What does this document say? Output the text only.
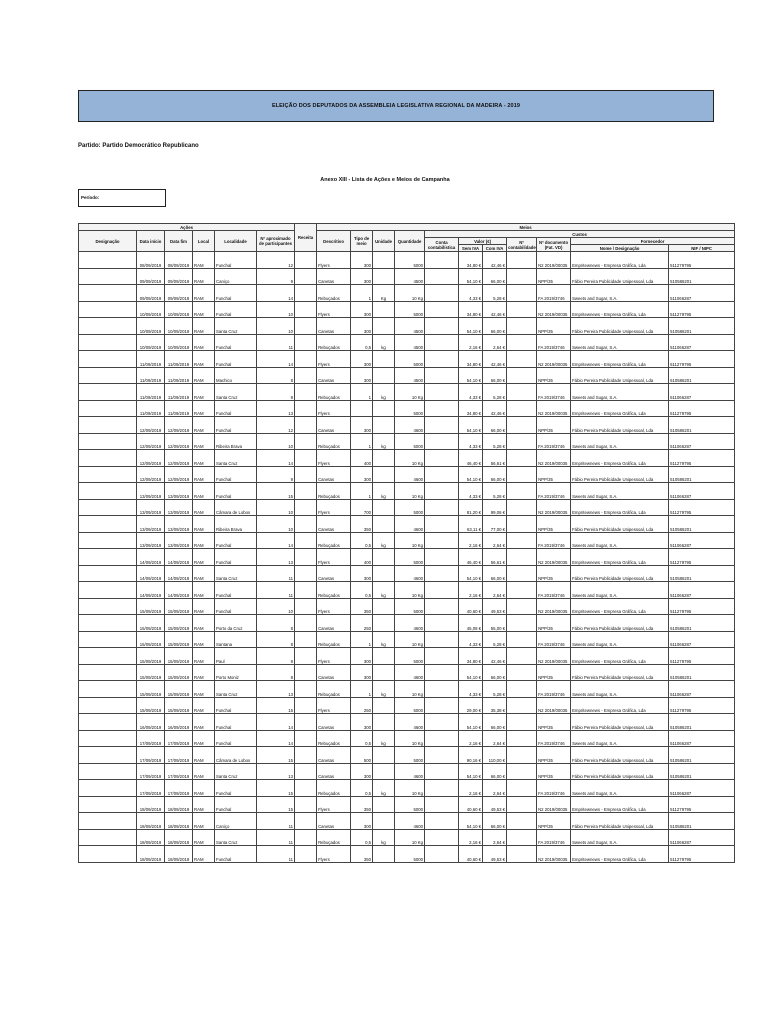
ELEIÇÃO DOS DEPUTADOS DA ASSEMBLEIA LEGISLATIVA REGIONAL DA MADEIRA - 2019
Partido: Partido Democrático Republicano
Anexo XIII - Lista de Ações e Meios de Campanha
Período:
Ações						Receita	Meios										
Designação	Data início	Data fim	Local	Localidade	Nº aproximado de participantes		Descritivo	Tipo de meio	Unidade	Quantidade	Custos						
											Conta contabilística	Valor (€)		Nº contabilidade	Nº documento (Fat. VD)	Fornecedor	
												Sem IVA	Com IVA			Nome / Designação	NIF / NIPC
	08/09/2019	08/09/2019	RAM	Funchal	12		Flyers	300		5000		34,80 €	42,46 €		N2 2019/00035	Empritewnews - Empresa Gráfica, Lda	511279795
	09/09/2019	09/09/2019	RAM	Caniço	9		Canetas	300		4500		54,10 €	66,00 €		NPP/35	Fábio Pereira Publicidade Unipessoal, Lda	510586201
	09/09/2019	09/09/2019	RAM	Funchal	14		Rebuçados	1	Kg	10 Kg		4,33 €	5,28 €		FA 2019/3746	Sweets and Sugar, S.A.	511066287
	10/09/2019	10/09/2019	RAM	Funchal	10		Flyers	300		5000		34,80 €	42,46 €		N2 2019/00035	Empritewnews - Empresa Gráfica, Lda	511279795
	10/09/2019	10/09/2019	RAM	Santa Cruz	10		Canetas	300		4500		54,10 €	66,00 €		NPP/35	Fábio Pereira Publicidade Unipessoal, Lda	510586201
	10/09/2019	10/09/2019	RAM	Funchal	11		Rebuçados	0,5	kg	4500		2,16 €	2,64 €		FA 2019/3746	Sweets and Sugar, S.A.	511066287
	11/09/2019	11/09/2019	RAM	Funchal	14		Flyers	300		5000		34,80 €	42,46 €		N2 2019/00035	Empritewnews - Empresa Gráfica, Lda	511279795
	11/09/2019	11/09/2019	RAM	Machico	8		Canetas	300		4500		54,10 €	66,00 €		NPP/35	Fábio Pereira Publicidade Unipessoal, Lda	510586201
	11/09/2019	11/09/2019	RAM	Santa Cruz	9		Rebuçados	1	kg	10 Kg		4,33 €	5,28 €		FA 2019/3746	Sweets and Sugar, S.A.	511066287
	11/09/2019	11/09/2019	RAM	Funchal	13		Flyers			5000		34,80 €	42,46 €		N2 2019/00035	Empritewnews - Empresa Gráfica, Lda	511279795
	12/09/2019	12/09/2019	RAM	Funchal	12		Canetas	300		4600		54,10 €	66,00 €		NPP/35	Fábio Pereira Publicidade Unipessoal, Lda	510586201
	12/09/2019	12/09/2019	RAM	Ribeira Brava	10		Rebuçados	1	kg	5000		4,33 €	5,28 €		FA 2019/3746	Sweets and Sugar, S.A.	511066287
	12/09/2019	12/09/2019	RAM	Santa Cruz	14		Flyers	400		10 Kg		46,40 €	56,61 €		N2 2019/00035	Empritewnews - Empresa Gráfica, Lda	511279795
	12/09/2019	12/09/2019	RAM	Funchal	9		Canetas	300		4600		54,10 €	66,00 €		NPP/35	Fábio Pereira Publicidade Unipessoal, Lda	510586201
	13/09/2019	13/09/2019	RAM	Funchal	15		Rebuçados	1	kg	10 Kg		4,33 €	5,28 €		FA 2019/3746	Sweets and Sugar, S.A.	511066287
	13/09/2019	13/09/2019	RAM	Câmara de Lobos	10		Flyers	700		5000		81,20 €	99,06 €		N2 2019/00035	Empritewnews - Empresa Gráfica, Lda	511279795
	13/09/2019	13/09/2019	RAM	Ribeira Brava	10		Canetas	350		4600		63,11 €	77,00 €		NPP/35	Fábio Pereira Publicidade Unipessoal, Lda	510586201
	13/09/2019	13/09/2019	RAM	Funchal	14		Rebuçados	0,5	kg	10 Kg		2,16 €	2,64 €		FA 2019/3746	Sweets and Sugar, S.A.	511066287
	14/09/2019	14/09/2019	RAM	Funchal	13		Flyers	400		5000		46,40 €	56,61 €		N2 2019/00035	Empritewnews - Empresa Gráfica, Lda	511279795
	14/09/2019	14/09/2019	RAM	Santa Cruz	11		Canetas	300		4600		54,10 €	66,00 €		NPP/35	Fábio Pereira Publicidade Unipessoal, Lda	510586201
	14/09/2019	14/09/2019	RAM	Funchal	11		Rebuçados	0,5	kg	10 Kg		2,16 €	2,64 €		FA 2019/3746	Sweets and Sugar, S.A.	511066287
	15/09/2019	15/09/2019	RAM	Funchal	10		Flyers	350		5000		40,60 €	49,53 €		N2 2019/00035	Empritewnews - Empresa Gráfica, Lda	511279795
	15/09/2019	15/09/2019	RAM	Porto da Cruz	8		Canetas	250		4600		45,08 €	55,00 €		NPP/35	Fábio Pereira Publicidade Unipessoal, Lda	510586201
	15/09/2019	15/09/2019	RAM	Santana	8		Rebuçados	1	kg	10 Kg		4,33 €	5,28 €		FA 2019/3746	Sweets and Sugar, S.A.	511066287
	15/09/2019	15/09/2019	RAM	Paul	9		Flyers	300		5000		34,80 €	42,46 €		N2 2019/00035	Empritewnews - Empresa Gráfica, Lda	511279795
	15/09/2019	15/09/2019	RAM	Porto Moniz	8		Canetas	300		4600		54,10 €	66,00 €		NPP/35	Fábio Pereira Publicidade Unipessoal, Lda	510586201
	15/09/2019	15/09/2019	RAM	Santa Cruz	13		Rebuçados	1	kg	10 Kg		4,33 €	5,28 €		FA 2019/3746	Sweets and Sugar, S.A.	511066287
	15/09/2019	15/09/2019	RAM	Funchal	15		Flyers	250		5000		29,00 €	35,38 €		N2 2019/00035	Empritewnews - Empresa Gráfica, Lda	511279795
	16/09/2019	16/09/2019	RAM	Funchal	14		Canetas	300		4600		54,10 €	66,00 €		NPP/35	Fábio Pereira Publicidade Unipessoal, Lda	510586201
	17/09/2019	17/09/2019	RAM	Funchal	14		Rebuçados	0,5	kg	10 Kg		2,16 €	2,64 €		FA 2019/3746	Sweets and Sugar, S.A.	511066287
	17/09/2019	17/09/2019	RAM	Câmara de Lobos	15		Canetas	500		5000		90,16 €	110,00 €		NPP/35	Fábio Pereira Publicidade Unipessoal, Lda	510586201
	17/09/2019	17/09/2019	RAM	Santa Cruz	13		Canetas	300		4600		54,10 €	66,00 €		NPP/35	Fábio Pereira Publicidade Unipessoal, Lda	510586201
	17/09/2019	17/09/2019	RAM	Funchal	15		Rebuçados	0,5	kg	10 Kg		2,16 €	2,64 €		FA 2019/3746	Sweets and Sugar, S.A.	511066287
	18/09/2019	18/09/2019	RAM	Funchal	15		Flyers	350		5000		40,60 €	49,53 €		N2 2019/00035	Empritewnews - Empresa Gráfica, Lda	511279795
	18/09/2019	18/09/2019	RAM	Caniço	11		Canetas	300		4600		54,10 €	66,00 €		NPP/35	Fábio Pereira Publicidade Unipessoal, Lda	510586201
	18/09/2019	18/09/2019	RAM	Santa Cruz	11		Rebuçados	0,5	kg	10 Kg		2,16 €	2,64 €		FA 2019/3746	Sweets and Sugar, S.A.	511066287
	18/09/2019	18/09/2019	RAM	Funchal	11		Flyers	350		5000		40,60 €	49,53 €		N2 2019/00035	Empritewnews - Empresa Gráfica, Lda	511279795
